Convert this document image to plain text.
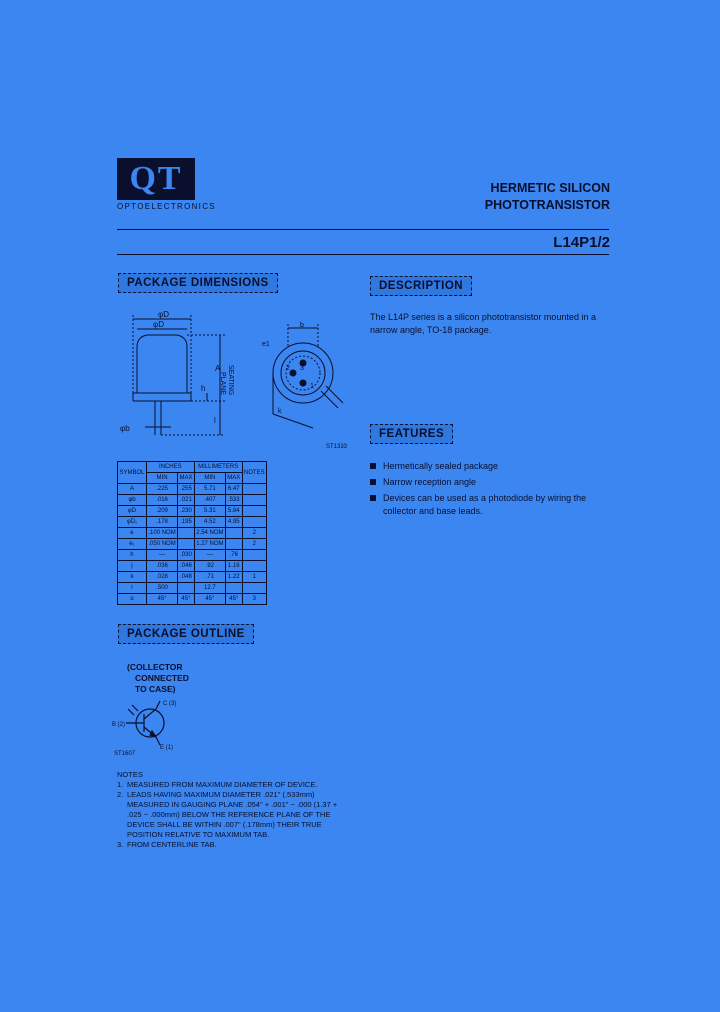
QT
OPTOELECTRONICS
HERMETIC SILICON
PHOTOTRANSISTOR
L14P1/2
PACKAGE DIMENSIONS	DESCRIPTION
FEATURES
PACKAGE OUTLINE
The L14P series is a silicon phototransistor mounted in a narrow angle, TO-18 package.
Hermetically sealed package
Narrow reception angle
Devices can be used as a photodiode by wiring the collector and base leads.
φD
φD
A
h
l
φb
SEATING
PLANE
b
e1
k
3
2
1
ST1333
SYMBOL	INCHES		MILLIMETERS		NOTES
	MIN	MAX	MIN	MAX	
A	.225	.255	5.71	6.47	
φb	.016	.021	.407	.533	
φD	.209	.230	5.31	5.84	
φD₁	.178	.195	4.52	4.95	
e	.100 NOM		2.54 NOM		2
e₁	.050 NOM		1.27 NOM		2
h	—	.030	—	.76	
j	.036	.046	.92	1.16	
k	.028	.048	.71	1.22	1
l	.500		12.7		
α	45°	45°	45°	45°	3
(COLLECTOR
CONNECTED
TO CASE)
C (3)
B (2)
E (1)
ST1607
NOTES
1. MEASURED FROM MAXIMUM DIAMETER OF DEVICE.
2. LEADS HAVING MAXIMUM DIAMETER .021" (.533mm) MEASURED IN GAUGING PLANE .054" + .001" − .000 (1.37 + .025 − .000mm) BELOW THE REFERENCE PLANE OF THE DEVICE SHALL BE WITHIN .007" (.178mm) THEIR TRUE POSITION RELATIVE TO MAXIMUM TAB.
3. FROM CENTERLINE TAB.
